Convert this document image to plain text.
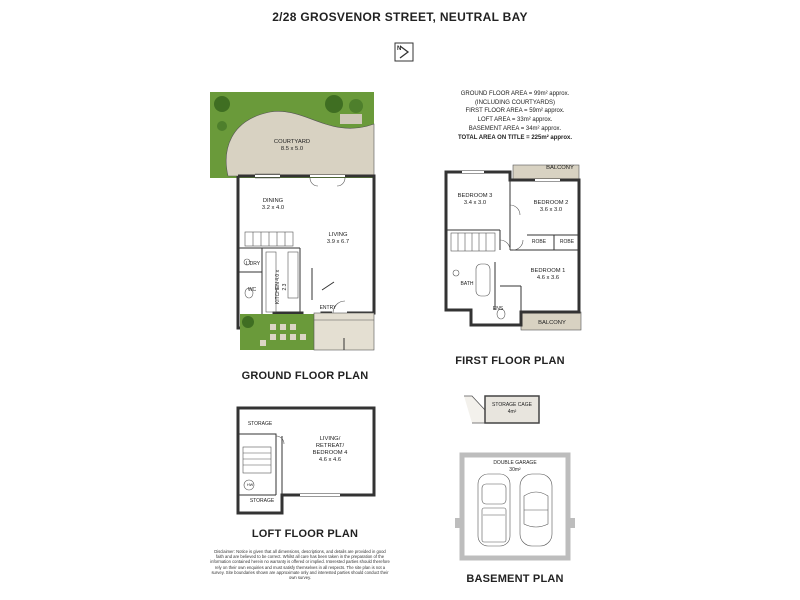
2/28 GROSVENOR STREET, NEUTRAL BAY
N
GROUND FLOOR AREA = 99m² approx.
(INCLUDING COURTYARDS)
FIRST FLOOR AREA = 59m² approx.
LOFT AREA = 33m² approx.
BASEMENT AREA = 34m² approx.
TOTAL AREA ON TITLE = 225m² approx.
COURTYARD
8.5 x 5.0
DINING
3.2 x 4.0
LIVING
3.9 x 6.7
L'DRY
WC	KITCHEN 4.0 x 2.3
ENTRY
GROUND FLOOR PLAN
BALCONY
BEDROOM 3
3.4 x 3.0	BEDROOM 2
3.6 x 3.0
ROBE	ROBE
BEDROOM 1
4.6 x 3.6
BATH
ENS
BALCONY
FIRST FLOOR PLAN
STORAGE
HW
STORAGE
LIVING/
RETREAT/
BEDROOM 4
4.6 x 4.6
LOFT FLOOR PLAN
STORAGE CAGE
4m²
DOUBLE GARAGE
30m²
BASEMENT PLAN
Disclaimer: Notice is given that all dimensions, descriptions, and details are provided in good faith and are believed to be correct. Whilst all care has been taken in the preparation of the information contained herein no warranty is offered or implied. Interested parties should therefore rely on their own enquiries and must satisfy themselves in all respects. The site plan is not a survey. Site boundaries shown are approximate only and interested parties should conduct their own survey.
